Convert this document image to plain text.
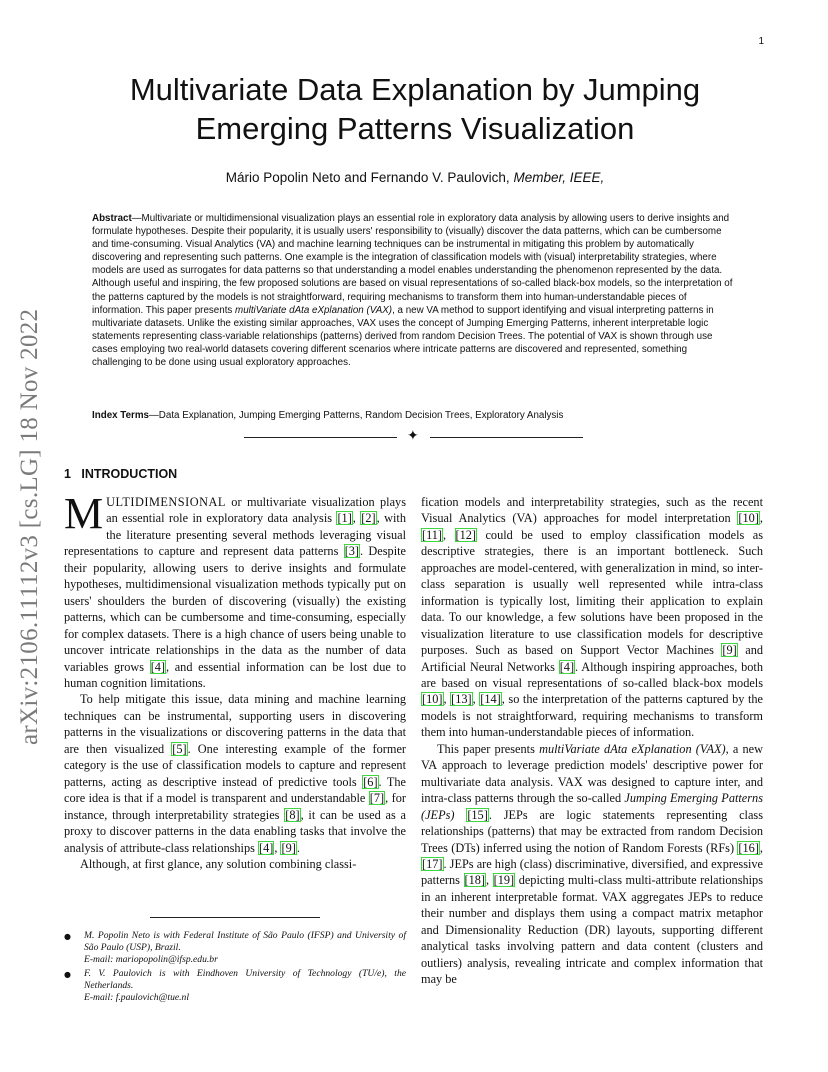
1
Multivariate Data Explanation by Jumping Emerging Patterns Visualization
Mário Popolin Neto and Fernando V. Paulovich, Member, IEEE,
Abstract—Multivariate or multidimensional visualization plays an essential role in exploratory data analysis by allowing users to derive insights and formulate hypotheses. Despite their popularity, it is usually users' responsibility to (visually) discover the data patterns, which can be cumbersome and time-consuming. Visual Analytics (VA) and machine learning techniques can be instrumental in mitigating this problem by automatically discovering and representing such patterns. One example is the integration of classification models with (visual) interpretability strategies, where models are used as surrogates for data patterns so that understanding a model enables understanding the phenomenon represented by the data. Although useful and inspiring, the few proposed solutions are based on visual representations of so-called black-box models, so the interpretation of the patterns captured by the models is not straightforward, requiring mechanisms to transform them into human-understandable pieces of information. This paper presents multiVariate dAta eXplanation (VAX), a new VA method to support identifying and visual interpreting patterns in multivariate datasets. Unlike the existing similar approaches, VAX uses the concept of Jumping Emerging Patterns, inherent interpretable logic statements representing class-variable relationships (patterns) derived from random Decision Trees. The potential of VAX is shown through use cases employing two real-world datasets covering different scenarios where intricate patterns are discovered and represented, something challenging to be done using usual exploratory approaches.
Index Terms—Data Explanation, Jumping Emerging Patterns, Random Decision Trees, Exploratory Analysis
✦
arXiv:2106.11112v3 [cs.LG] 18 Nov 2022 1 INTRODUCTION

MULTIDIMENSIONAL or multivariate visualization plays an essential role in exploratory data analysis [1], [2], with the literature presenting several methods leveraging visual representations to capture and represent data patterns [3]. Despite their popularity, allowing users to derive insights and formulate hypotheses, multidimensional visualization methods typically put on users' shoulders the burden of discovering (visually) the existing patterns, which can be cumbersome and time-consuming, especially for complex datasets. There is a high chance of users being unable to uncover intricate relationships in the data as the number of data variables grows [4], and essential information can be lost due to human cognition limitations.

To help mitigate this issue, data mining and machine learning techniques can be instrumental, supporting users in discovering patterns in the visualizations or discovering patterns in the data that are then visualized [5]. One interesting example of the former category is the use of classification models to capture and represent patterns, acting as descriptive instead of predictive tools [6]. The core idea is that if a model is transparent and understandable [7], for instance, through interpretability strategies [8], it can be used as a proxy to discover patterns in the data enabling tasks that involve the analysis of attribute-class relationships [4], [9].

Although, at first glance, any solution combining classi-

●	M. Popolin Neto is with Federal Institute of São Paulo (IFSP) and University of São Paulo (USP), Brazil.
E-mail: mariopopolin@ifsp.edu.br
●	F. V. Paulovich is with Eindhoven University of Technology (TU/e), the Netherlands.
E-mail: f.paulovich@tue.nl

fication models and interpretability strategies, such as the recent Visual Analytics (VA) approaches for model interpretation [10], [11], [12] could be used to employ classification models as descriptive strategies, there is an important bottleneck. Such approaches are model-centered, with generalization in mind, so inter-class separation is usually well represented while intra-class information is typically lost, limiting their application to explain data. To our knowledge, a few solutions have been proposed in the visualization literature to use classification models for descriptive purposes. Such as based on Support Vector Machines [9] and Artificial Neural Networks [4]. Although inspiring approaches, both are based on visual representations of so-called black-box models [10], [13], [14], so the interpretation of the patterns captured by the models is not straightforward, requiring mechanisms to transform them into human-understandable pieces of information.

This paper presents multiVariate dAta eXplanation (VAX), a new VA approach to leverage prediction models' descriptive power for multivariate data analysis. VAX was designed to capture inter, and intra-class patterns through the so-called Jumping Emerging Patterns (JEPs) [15]. JEPs are logic statements representing class relationships (patterns) that may be extracted from random Decision Trees (DTs) inferred using the notion of Random Forests (RFs) [16], [17]. JEPs are high (class) discriminative, diversified, and expressive patterns [18], [19] depicting multi-class multi-attribute relationships in an inherent interpretable format. VAX aggregates JEPs to reduce their number and displays them using a compact matrix metaphor and Dimensionality Reduction (DR) layouts, supporting different analytical tasks involving pattern and data content (clusters and outliers) analysis, revealing intricate and complex information that may be
